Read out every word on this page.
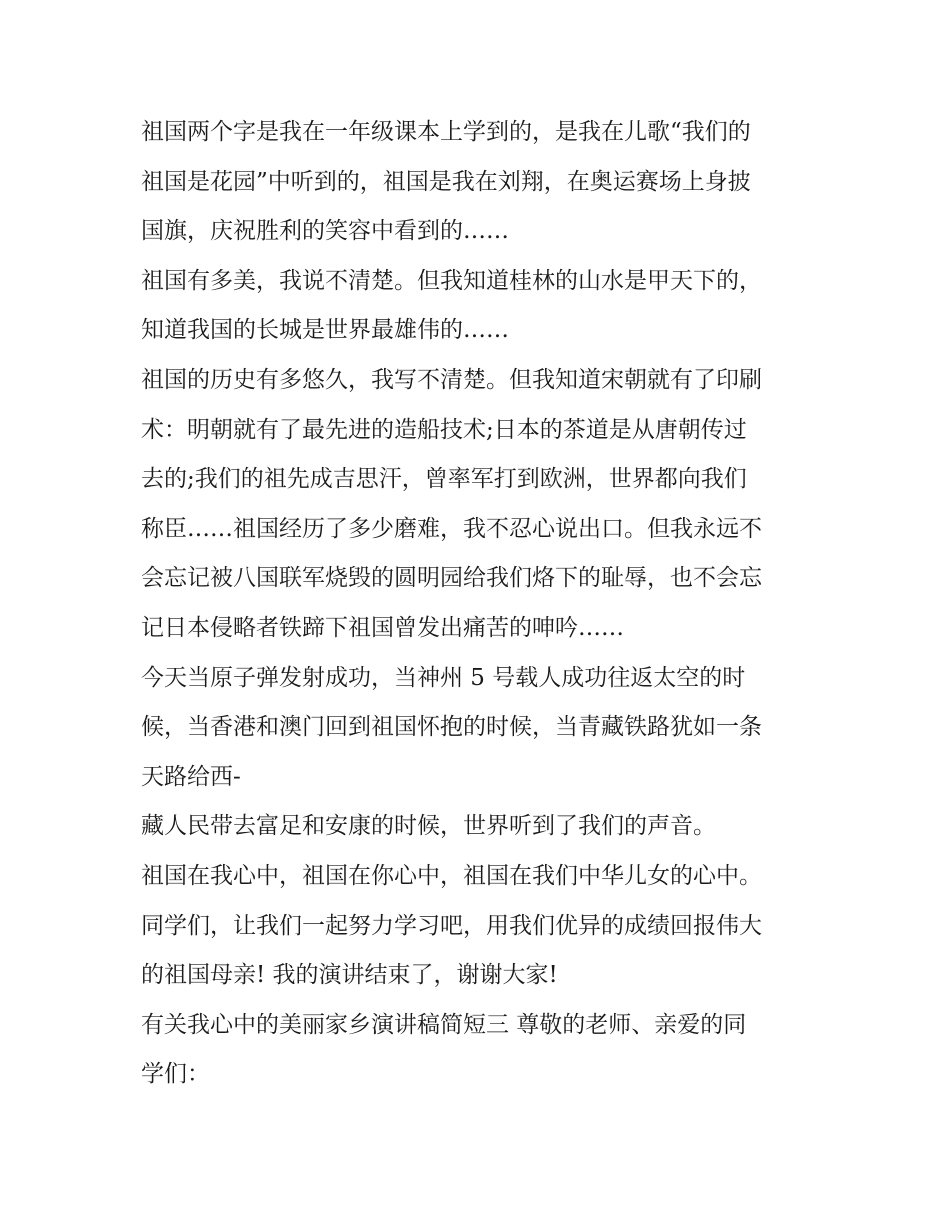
祖国两个字是我在一年级课本上学到的，是我在儿歌“我们的
祖国是花园”中听到的，祖国是我在刘翔，在奥运赛场上身披
国旗，庆祝胜利的笑容中看到的……

祖国有多美，我说不清楚。但我知道桂林的山水是甲天下的，
知道我国的长城是世界最雄伟的……

祖国的历史有多悠久，我写不清楚。但我知道宋朝就有了印刷
术：明朝就有了最先进的造船技术;日本的茶道是从唐朝传过
去的;我们的祖先成吉思汗，曾率军打到欧洲，世界都向我们
称臣……祖国经历了多少磨难，我不忍心说出口。但我永远不
会忘记被八国联军烧毁的圆明园给我们烙下的耻辱，也不会忘
记日本侵略者铁蹄下祖国曾发出痛苦的呻吟……

今天当原子弹发射成功，当神州 5 号载人成功往返太空的时
候，当香港和澳门回到祖国怀抱的时候，当青藏铁路犹如一条
天路给西-

藏人民带去富足和安康的时候，世界听到了我们的声音。

祖国在我心中，祖国在你心中，祖国在我们中华儿女的心中。

同学们，让我们一起努力学习吧，用我们优异的成绩回报伟大
的祖国母亲! 我的演讲结束了，谢谢大家!

有关我心中的美丽家乡演讲稿简短三 尊敬的老师、亲爱的同
学们：
